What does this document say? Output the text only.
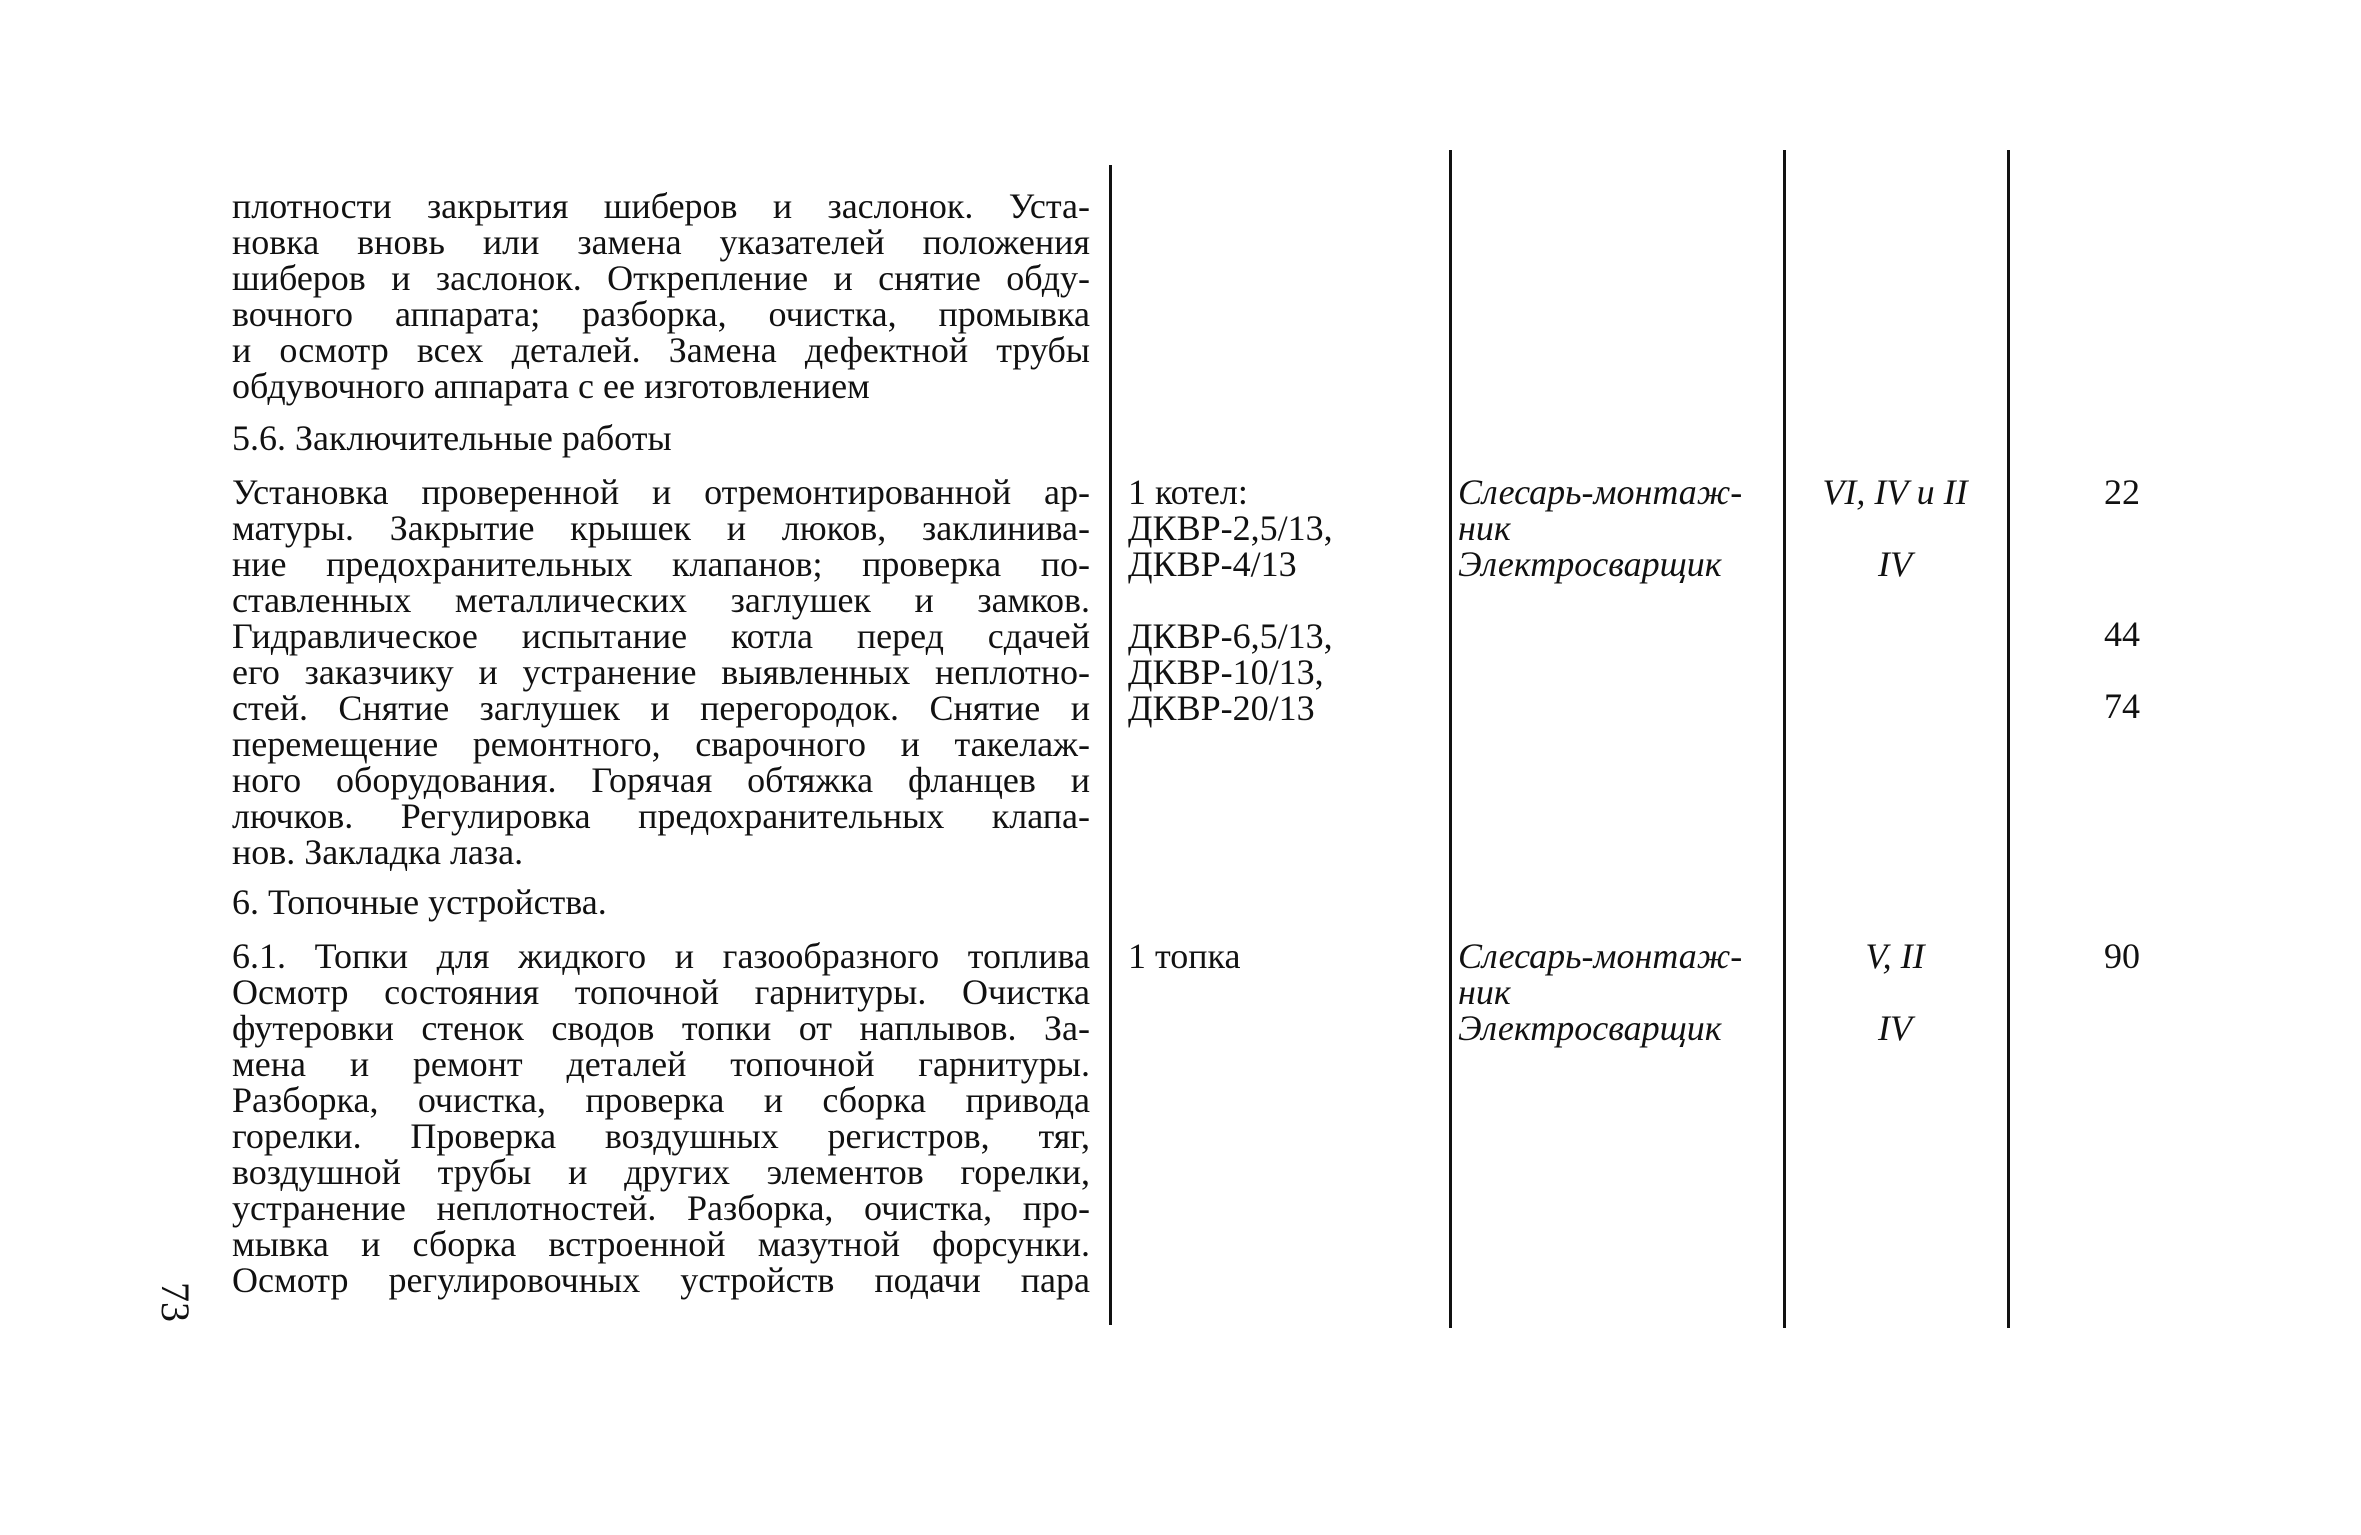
плотности закрытия шиберов и заслонок. Уста-
новка вновь или замена указателей положения
шиберов и заслонок. Открепление и снятие обду-
вочного аппарата; разборка, очистка, промывка
и осмотр всех деталей. Замена дефектной трубы
обдувочного аппарата с ее изготовлением
5.6. Заключительные работы
Установка проверенной и отремонтированной ар-
матуры. Закрытие крышек и люков, заклинива-
ние предохранительных клапанов; проверка по-
ставленных металлических заглушек и замков.
Гидравлическое испытание котла перед сдачей
его заказчику и устранение выявленных неплотно-
стей. Снятие заглушек и перегородок. Снятие и
перемещение ремонтного, сварочного и такелаж-
ного оборудования. Горячая обтяжка фланцев и
лючков. Регулировка предохранительных клапа-
нов. Закладка лаза.
1 котел:
ДКВР-2,5/13,
ДКВР-4/13
ДКВР-6,5/13,
ДКВР-10/13,
ДКВР-20/13
Слесарь-монтаж-
ник
Электросварщик
VI, IV и II
IV
22
44
74
6. Топочные устройства.
6.1. Топки для жидкого и газообразного топлива
Осмотр состояния топочной гарнитуры. Очистка
футеровки стенок сводов топки от наплывов. За-
мена и ремонт деталей топочной гарнитуры.
Разборка, очистка, проверка и сборка привода
горелки. Проверка воздушных регистров, тяг,
воздушной трубы и других элементов горелки,
устранение неплотностей. Разборка, очистка, про-
мывка и сборка встроенной мазутной форсунки.
Осмотр регулировочных устройств подачи пара
1 топка	Слесарь-монтаж-
ник
Электросварщик
V, II
IV
90
73
